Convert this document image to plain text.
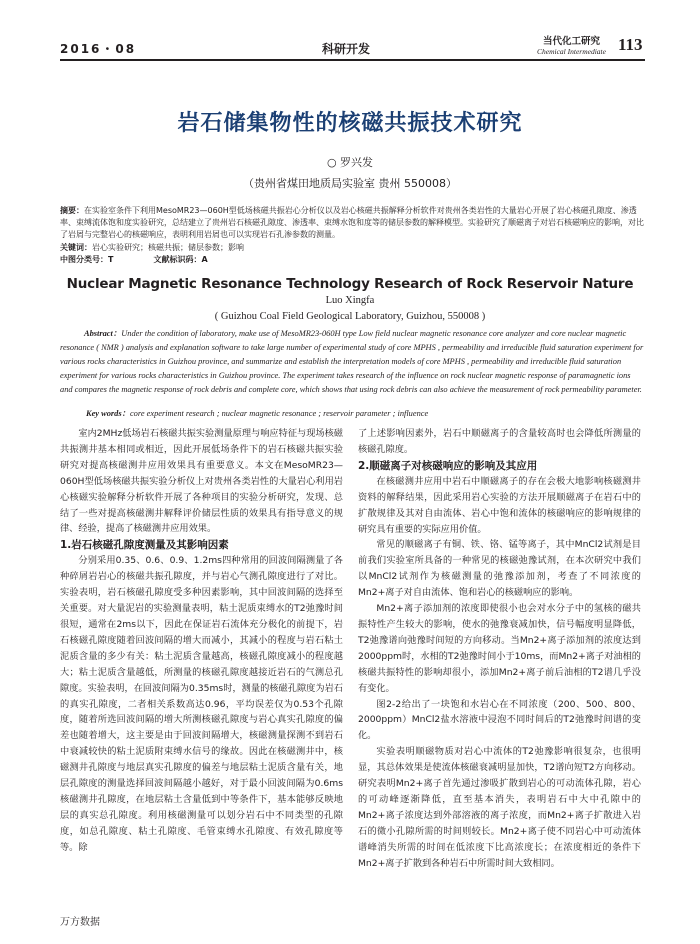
2016・08	科研开发
当代化工研究
Chemical Intermediate 113
岩石储集物性的核磁共振技术研究
○ 罗兴发
（贵州省煤田地质局实验室 贵州 550008）
摘要：在实验室条件下利用MesoMR23—060H型低场核磁共振岩心分析仪以及岩心核磁共振解释分析软件对贵州各类岩性的大量岩心开展了岩心核磁孔隙度、渗透率、束缚流体饱和度实验研究，总结建立了贵州岩石核磁孔隙度、渗透率、束缚水饱和度等的储层参数的解释模型。实验研究了顺磁离子对岩石核磁响应的影响，对比了岩屑与完整岩心的核磁响应，表明利用岩屑也可以实现岩石孔渗参数的测量。
关键词：岩心实验研究；核磁共振；储层参数；影响
中图分类号：T	文献标识码：A
Nuclear Magnetic Resonance Technology Research of Rock Reservoir Nature
Luo Xingfa
( Guizhou Coal Field Geological Laboratory, Guizhou, 550008 )
Abstract：Under the condition of laboratory, make use of MesoMR23-060H type Low field nuclear magnetic resonance core analyzer and core nuclear magnetic resonance ( NMR ) analysis and explanation software to take large number of experimental study of core MPHS , permeability and irreducible fluid saturation experiment for various rocks characteristics in Guizhou province, and summarize and establish the interpretation models of core MPHS , permeability and irreducible fluid saturation experiment for various rocks characteristics in Guizhou province. The experiment takes research of the influence on rock nuclear magnetic response of paramagnetic ions and compares the magnetic response of rock debris and complete core, which shows that using rock debris can also achieve the measurement of rock permeability parameter.
Key words：core experiment research ; nuclear magnetic resonance ; reservoir parameter ; influence

室内2MHz低场岩石核磁共振实验测量原理与响应特征与现场核磁共振测井基本相同或相近，因此开展低场条件下的岩石核磁共振实验研究对提高核磁测井应用效果具有重要意义。本文在MesoMR23—060H型低场核磁共振实验分析仪上对贵州各类岩性的大量岩心利用岩心核磁实验解释分析软件开展了各种项目的实验分析研究，发现、总结了一些对提高核磁测井解释评价储层性质的效果具有指导意义的规律、经验，提高了核磁测井应用效果。

1.岩石核磁孔隙度测量及其影响因素

分别采用0.35、0.6、0.9、1.2ms四种常用的回波间隔测量了各种碎屑岩岩心的核磁共振孔隙度，并与岩心气测孔隙度进行了对比。实验表明，岩石核磁孔隙度受多种因素影响，其中回波间隔的选择至关重要。对大量泥岩的实验测量表明，粘土泥质束缚水的T2弛豫时间很短，通常在2ms以下，因此在保证岩石流体充分极化的前提下，岩石核磁孔隙度随着回波间隔的增大而减小，其减小的程度与岩石粘土泥质含量的多少有关：粘土泥质含量越高，核磁孔隙度减小的程度越大；粘土泥质含量越低，所测量的核磁孔隙度越接近岩石的气测总孔隙度。实验表明，在回波间隔为0.35ms时，测量的核磁孔隙度为岩石的真实孔隙度，二者相关系数高达0.96，平均误差仅为0.53个孔隙度，随着所选回波间隔的增大所测核磁孔隙度与岩心真实孔隙度的偏差也随着增大，这主要是由于回波间隔增大，核磁测量探测不到岩石中衰减较快的粘土泥质附束缚水信号的缘故。因此在核磁测井中，核磁测井孔隙度与地层真实孔隙度的偏差与地层粘土泥质含量有关，地层孔隙度的测量选择回波间隔越小越好，对于最小回波间隔为0.6ms核磁测井孔隙度，在地层粘土含量低到中等条件下，基本能够反映地层的真实总孔隙度。利用核磁测量可以划分岩石中不同类型的孔隙度，如总孔隙度、粘土孔隙度、毛管束缚水孔隙度、有效孔隙度等等。除

了上述影响因素外，岩石中顺磁离子的含量较高时也会降低所测量的核磁孔隙度。

2.顺磁离子对核磁响应的影响及其应用

在核磁测井应用中岩石中顺磁离子的存在会极大地影响核磁测井资料的解释结果，因此采用岩心实验的方法开展顺磁离子在岩石中的扩散规律及其对自由流体、岩心中饱和流体的核磁响应的影响规律的研究具有重要的实际应用价值。

常见的顺磁离子有铜、铁、铬、锰等离子，其中MnCl2试剂是目前我们实验室所具备的一种常见的核磁弛豫试剂，在本次研究中我们以MnCl2试剂作为核磁测量的弛豫添加剂，考查了不同浓度的Mn2+离子对自由流体、饱和岩心的核磁响应的影响。

Mn2+离子添加剂的浓度即使很小也会对水分子中的氢核的磁共振特性产生较大的影响，使水的弛豫衰减加快，信号幅度明显降低，T2弛豫谱向弛豫时间短的方向移动。当Mn2+离子添加剂的浓度达到2000ppm时，水相的T2弛豫时间小于10ms，而Mn2+离子对油相的核磁共振特性的影响却很小，添加Mn2+离子前后油相的T2谱几乎没有变化。

图2-2给出了一块饱和水岩心在不同浓度（200、500、800、2000ppm）MnCl2盐水溶液中浸泡不同时间后的T2弛豫时间谱的变化。

实验表明顺磁物质对岩心中流体的T2弛豫影响很复杂，也很明显，其总体效果是使流体核磁衰减明显加快，T2谱向短T2方向移动。研究表明Mn2+离子首先通过渗吸扩散到岩心的可动流体孔隙，岩心的可动峰逐渐降低，直至基本消失，表明岩石中大中孔隙中的Mn2+离子浓度达到外部溶液的离子浓度，而Mn2+离子扩散进入岩石的微小孔隙所需的时间则较长。Mn2+离子使不同岩心中可动流体谱峰消失所需的时间在低浓度下比高浓度长；在浓度相近的条件下Mn2+离子扩散到各种岩石中所需时间大致相同。

万方数据
